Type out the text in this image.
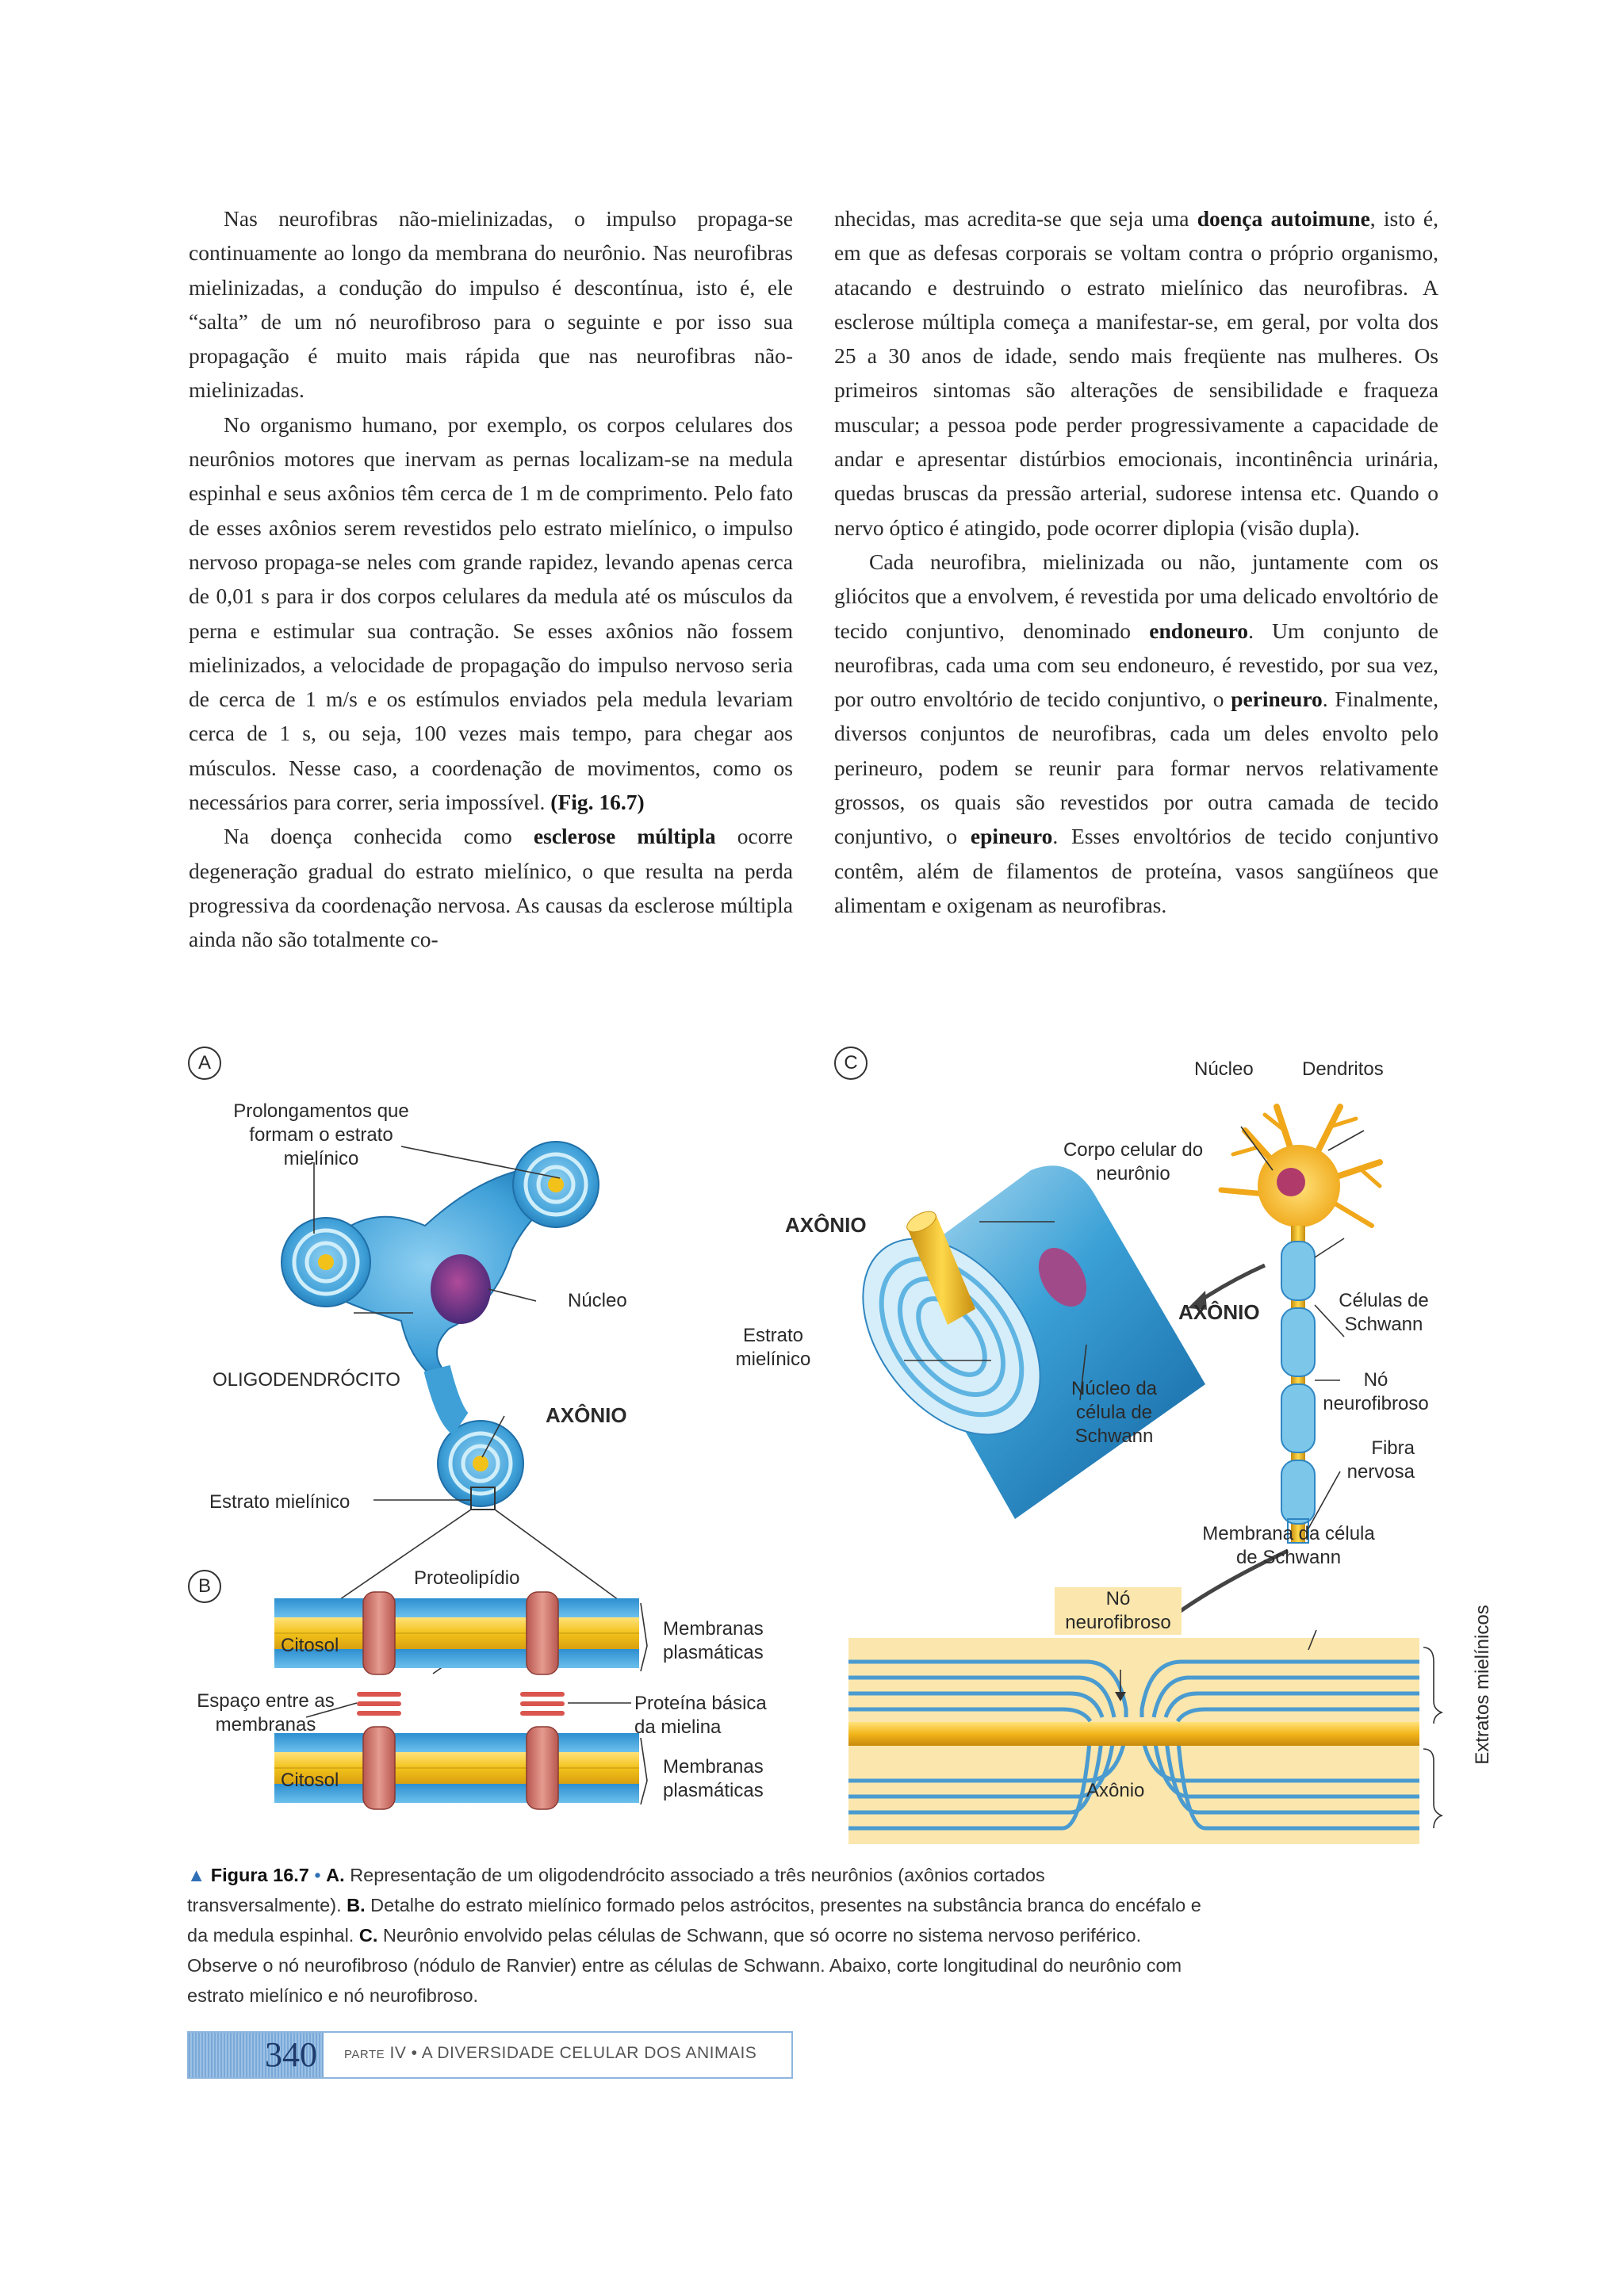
Nas neurofibras não-mielinizadas, o impulso propaga-se continuamente ao longo da membrana do neurônio. Nas neurofibras mielinizadas, a condução do impulso é descontínua, isto é, ele “salta” de um nó neurofibroso para o seguinte e por isso sua propagação é muito mais rápida que nas neurofibras não-mielinizadas.

No organismo humano, por exemplo, os corpos celulares dos neurônios motores que inervam as pernas localizam-se na medula espinhal e seus axônios têm cerca de 1 m de comprimento. Pelo fato de esses axônios serem revestidos pelo estrato mielínico, o impulso nervoso propaga-se neles com grande rapidez, levando apenas cerca de 0,01 s para ir dos corpos celulares da medula até os músculos da perna e estimular sua contração. Se esses axônios não fossem mielinizados, a velocidade de propagação do impulso nervoso seria de cerca de 1 m/s e os estímulos enviados pela medula levariam cerca de 1 s, ou seja, 100 vezes mais tempo, para chegar aos músculos. Nesse caso, a coordenação de movimentos, como os necessários para correr, seria impossível. (Fig. 16.7)

Na doença conhecida como esclerose múltipla ocorre degeneração gradual do estrato mielínico, o que resulta na perda progressiva da coordenação nervosa. As causas da esclerose múltipla ainda não são totalmente co-

nhecidas, mas acredita-se que seja uma doença autoimune, isto é, em que as defesas corporais se voltam contra o próprio organismo, atacando e destruindo o estrato mielínico das neurofibras. A esclerose múltipla começa a manifestar-se, em geral, por volta dos 25 a 30 anos de idade, sendo mais freqüente nas mulheres. Os primeiros sintomas são alterações de sensibilidade e fraqueza muscular; a pessoa pode perder progressivamente a capacidade de andar e apresentar distúrbios emocionais, incontinência urinária, quedas bruscas da pressão arterial, sudorese intensa etc. Quando o nervo óptico é atingido, pode ocorrer diplopia (visão dupla).

Cada neurofibra, mielinizada ou não, juntamente com os gliócitos que a envolvem, é revestida por uma delicado envoltório de tecido conjuntivo, denominado endoneuro. Um conjunto de neurofibras, cada uma com seu endoneuro, é revestido, por sua vez, por outro envoltório de tecido conjuntivo, o perineuro. Finalmente, diversos conjuntos de neurofibras, cada um deles envolto pelo perineuro, podem se reunir para formar nervos relativamente grossos, os quais são revestidos por outra camada de tecido conjuntivo, o epineuro. Esses envoltórios de tecido conjuntivo contêm, além de filamentos de proteína, vasos sangüíneos que alimentam e oxigenam as neurofibras.

A
Prolongamentos que formam o estrato mielínico
Núcleo
OLIGODENDRÓCITO
AXÔNIO
Estrato mielínico
B	Proteolipídio
Citosol
Citosol
Membranas plasmáticas
Membranas plasmáticas
Espaço entre as membranas
Proteína básica da mielina
C	Núcleo	Dendritos
Corpo celular do neurônio
AXÔNIO
Estrato mielínico
AXÔNIO
Núcleo da célula de Schwann
Células de Schwann
Nó neurofibroso
Fibra nervosa
Membrana da célula de Schwann
Nó neurofibroso
Axônio
Extratos mielínicos
▲ Figura 16.7 • A. Representação de um oligodendrócito associado a três neurônios (axônios cortados transversalmente). B. Detalhe do estrato mielínico formado pelos astrócitos, presentes na substância branca do encéfalo e da medula espinhal. C. Neurônio envolvido pelas células de Schwann, que só ocorre no sistema nervoso periférico. Observe o nó neurofibroso (nódulo de Ranvier) entre as células de Schwann. Abaixo, corte longitudinal do neurônio com estrato mielínico e nó neurofibroso.
340	PARTE IV • A DIVERSIDADE CELULAR DOS ANIMAIS
